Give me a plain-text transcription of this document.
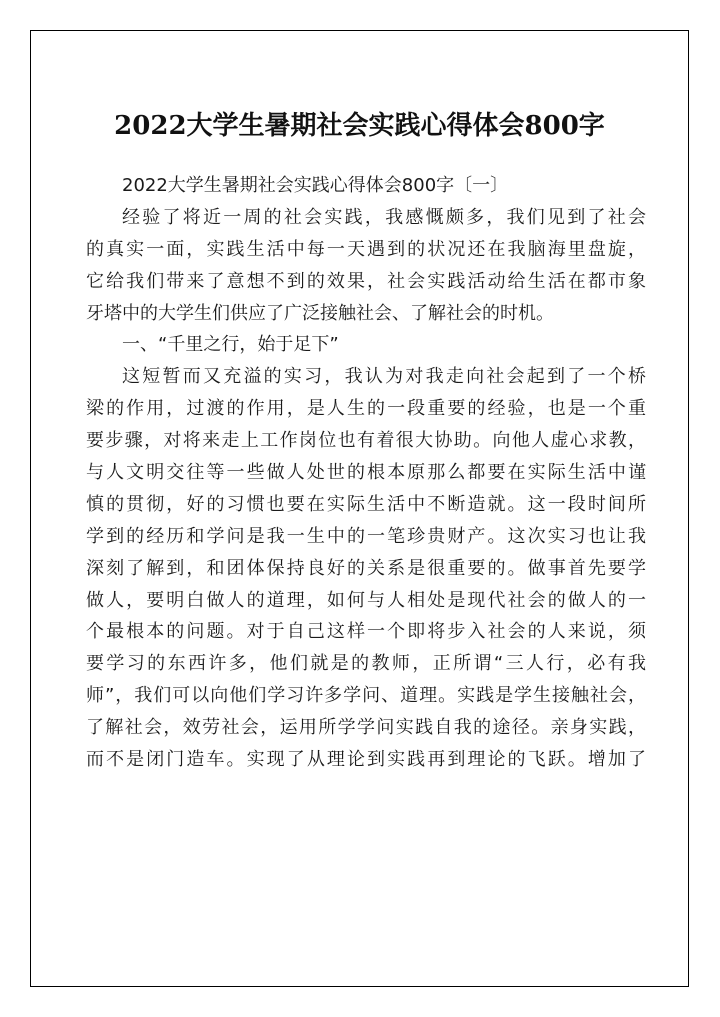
2022大学生暑期社会实践心得体会800字
2022大学生暑期社会实践心得体会800字〔一〕
经验了将近一周的社会实践，我感慨颇多，我们见到了社会
的真实一面，实践生活中每一天遇到的状况还在我脑海里盘旋，
它给我们带来了意想不到的效果，社会实践活动给生活在都市象
牙塔中的大学生们供应了广泛接触社会、了解社会的时机。
一、“千里之行，始于足下”
这短暂而又充溢的实习，我认为对我走向社会起到了一个桥
梁的作用，过渡的作用，是人生的一段重要的经验，也是一个重
要步骤，对将来走上工作岗位也有着很大协助。向他人虚心求教，
与人文明交往等一些做人处世的根本原那么都要在实际生活中谨
慎的贯彻，好的习惯也要在实际生活中不断造就。这一段时间所
学到的经历和学问是我一生中的一笔珍贵财产。这次实习也让我
深刻了解到，和团体保持良好的关系是很重要的。做事首先要学
做人，要明白做人的道理，如何与人相处是现代社会的做人的一
个最根本的问题。对于自己这样一个即将步入社会的人来说，须
要学习的东西许多，他们就是的教师，正所谓“三人行，必有我
师”，我们可以向他们学习许多学问、道理。实践是学生接触社会，
了解社会，效劳社会，运用所学学问实践自我的途径。亲身实践，
而不是闭门造车。实现了从理论到实践再到理论的飞跃。增加了
